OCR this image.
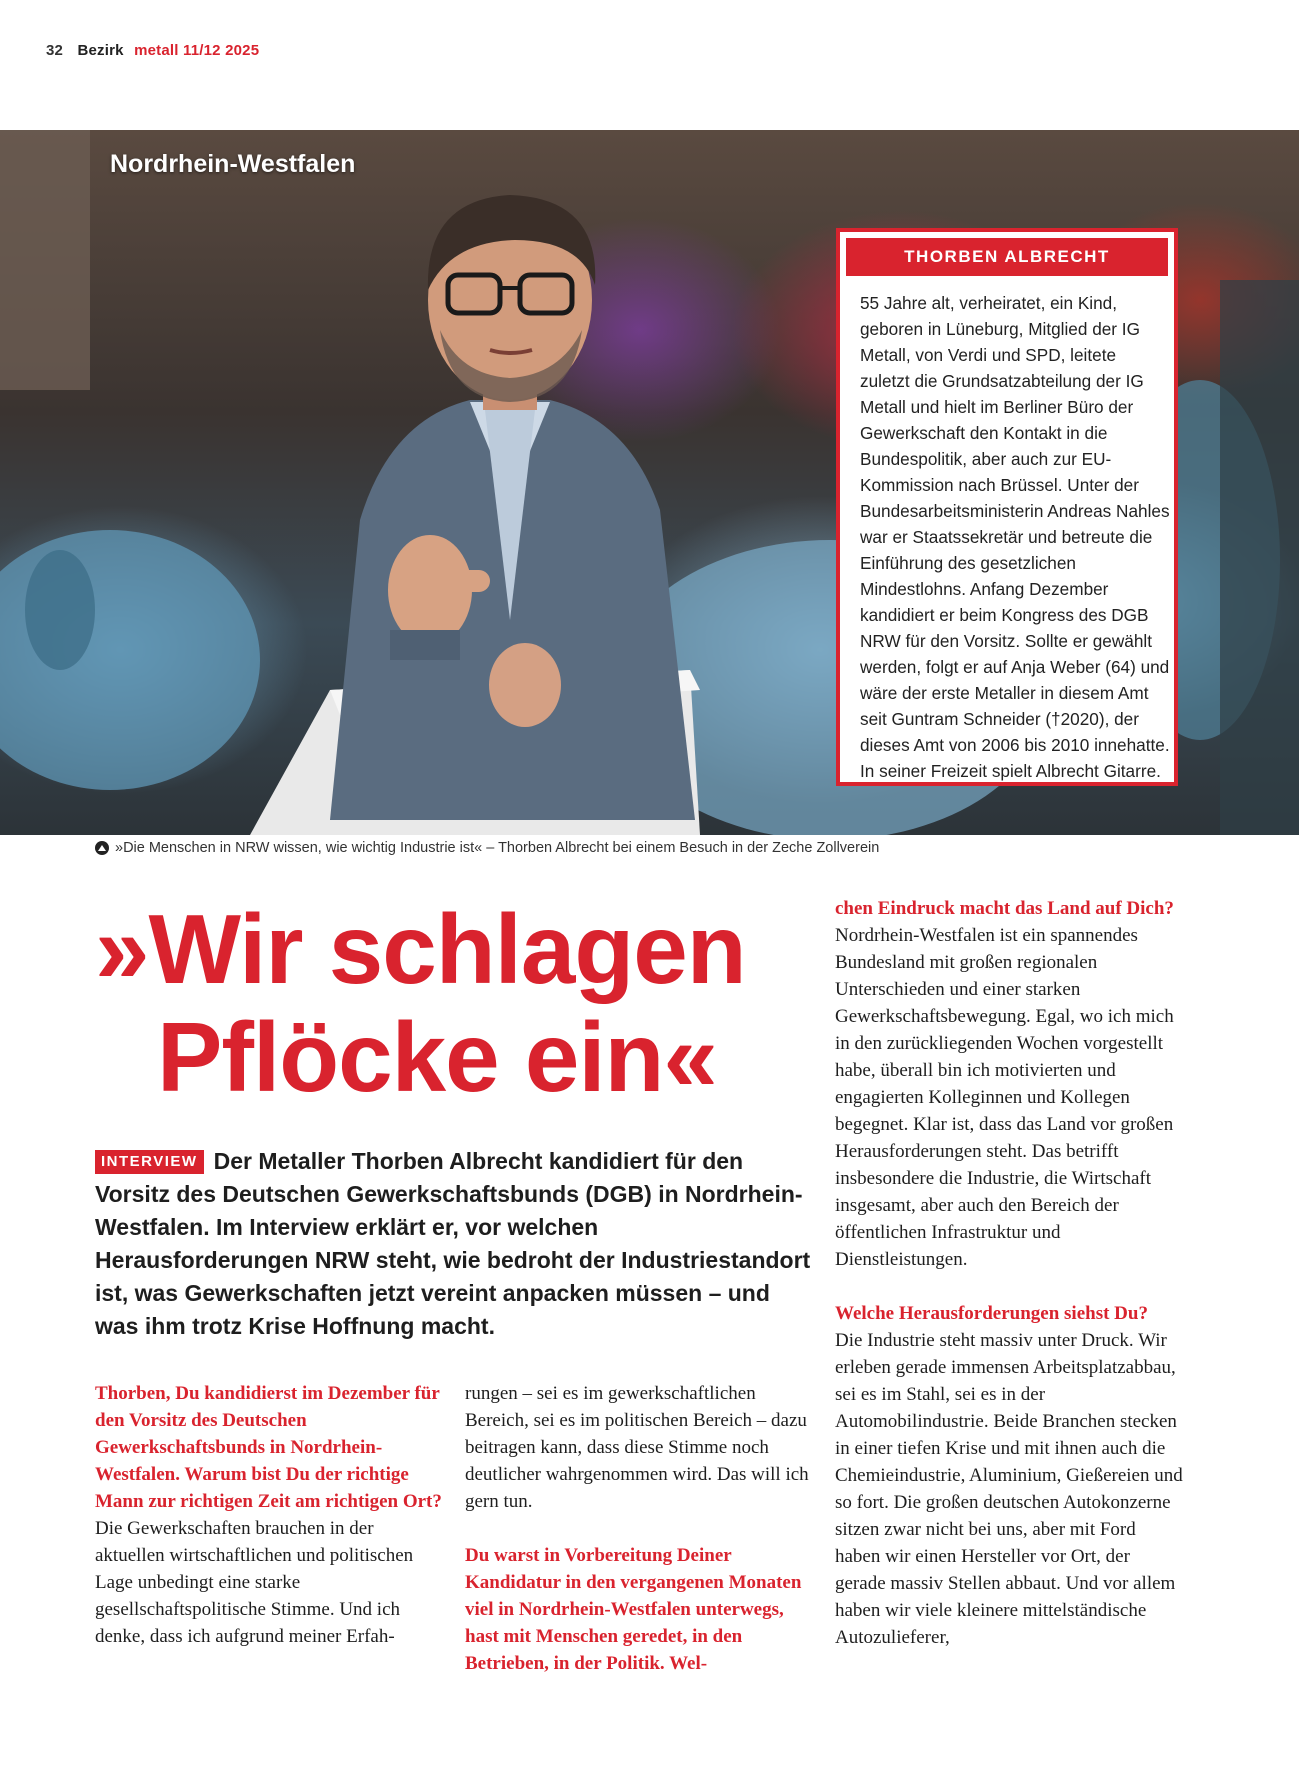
32 Bezirk metall 11/12 2025
Nordrhein-Westfalen
THORBEN ALBRECHT

55 Jahre alt, verheiratet, ein Kind, geboren in Lüneburg, Mitglied der IG Metall, von Verdi und SPD, leitete zuletzt die Grundsatzabteilung der IG Metall und hielt im Berliner Büro der Gewerkschaft den Kontakt in die Bundespolitik, aber auch zur EU-Kommission nach Brüssel. Unter der Bundesarbeitsministerin Andreas Nahles war er Staatssekretär und betreute die Einführung des gesetzlichen Mindestlohns. Anfang Dezember kandidiert er beim Kongress des DGB NRW für den Vorsitz. Sollte er gewählt werden, folgt er auf Anja Weber (64) und wäre der erste Metaller in diesem Amt seit Guntram Schneider (†2020), der dieses Amt von 2006 bis 2010 innehatte. In seiner Freizeit spielt Albrecht Gitarre.

»Die Menschen in NRW wissen, wie wichtig Industrie ist« – Thorben Albrecht bei einem Besuch in der Zeche Zollverein
»Wir schlagen
Pflöcke ein«

INTERVIEW Der Metaller Thorben Albrecht kandidiert für den Vorsitz des Deutschen Gewerkschaftsbunds (DGB) in Nordrhein-Westfalen. Im Interview erklärt er, vor welchen Herausforderungen NRW steht, wie bedroht der Industriestandort ist, was Gewerkschaften jetzt vereint anpacken müssen – und was ihm trotz Krise Hoffnung macht.

Thorben, Du kandidierst im Dezember für den Vorsitz des Deutschen Gewerkschaftsbunds in Nordrhein-Westfalen. Warum bist Du der richtige Mann zur richtigen Zeit am richtigen Ort?

Die Gewerkschaften brauchen in der aktuellen wirtschaftlichen und politischen Lage unbedingt eine starke gesellschaftspolitische Stimme. Und ich denke, dass ich aufgrund meiner Erfah-

rungen – sei es im gewerkschaftlichen Bereich, sei es im politischen Bereich – dazu beitragen kann, dass diese Stimme noch deutlicher wahrgenommen wird. Das will ich gern tun.

Du warst in Vorbereitung Deiner Kandidatur in den vergangenen Monaten viel in Nordrhein-Westfalen unterwegs, hast mit Menschen geredet, in den Betrieben, in der Politik. Wel-

chen Eindruck macht das Land auf Dich?

Nordrhein-Westfalen ist ein spannendes Bundesland mit großen regionalen Unterschieden und einer starken Gewerkschaftsbewegung. Egal, wo ich mich in den zurückliegenden Wochen vorgestellt habe, überall bin ich motivierten und engagierten Kolleginnen und Kollegen begegnet. Klar ist, dass das Land vor großen Herausforderungen steht. Das betrifft insbesondere die Industrie, die Wirtschaft insgesamt, aber auch den Bereich der öffentlichen Infrastruktur und Dienstleistungen.

Welche Herausforderungen siehst Du?

Die Industrie steht massiv unter Druck. Wir erleben gerade immensen Arbeitsplatzabbau, sei es im Stahl, sei es in der Automobilindustrie. Beide Branchen stecken in einer tiefen Krise und mit ihnen auch die Chemieindustrie, Aluminium, Gießereien und so fort. Die großen deutschen Autokonzerne sitzen zwar nicht bei uns, aber mit Ford haben wir einen Hersteller vor Ort, der gerade massiv Stellen abbaut. Und vor allem haben wir viele kleinere mittelständische Autozulieferer,
